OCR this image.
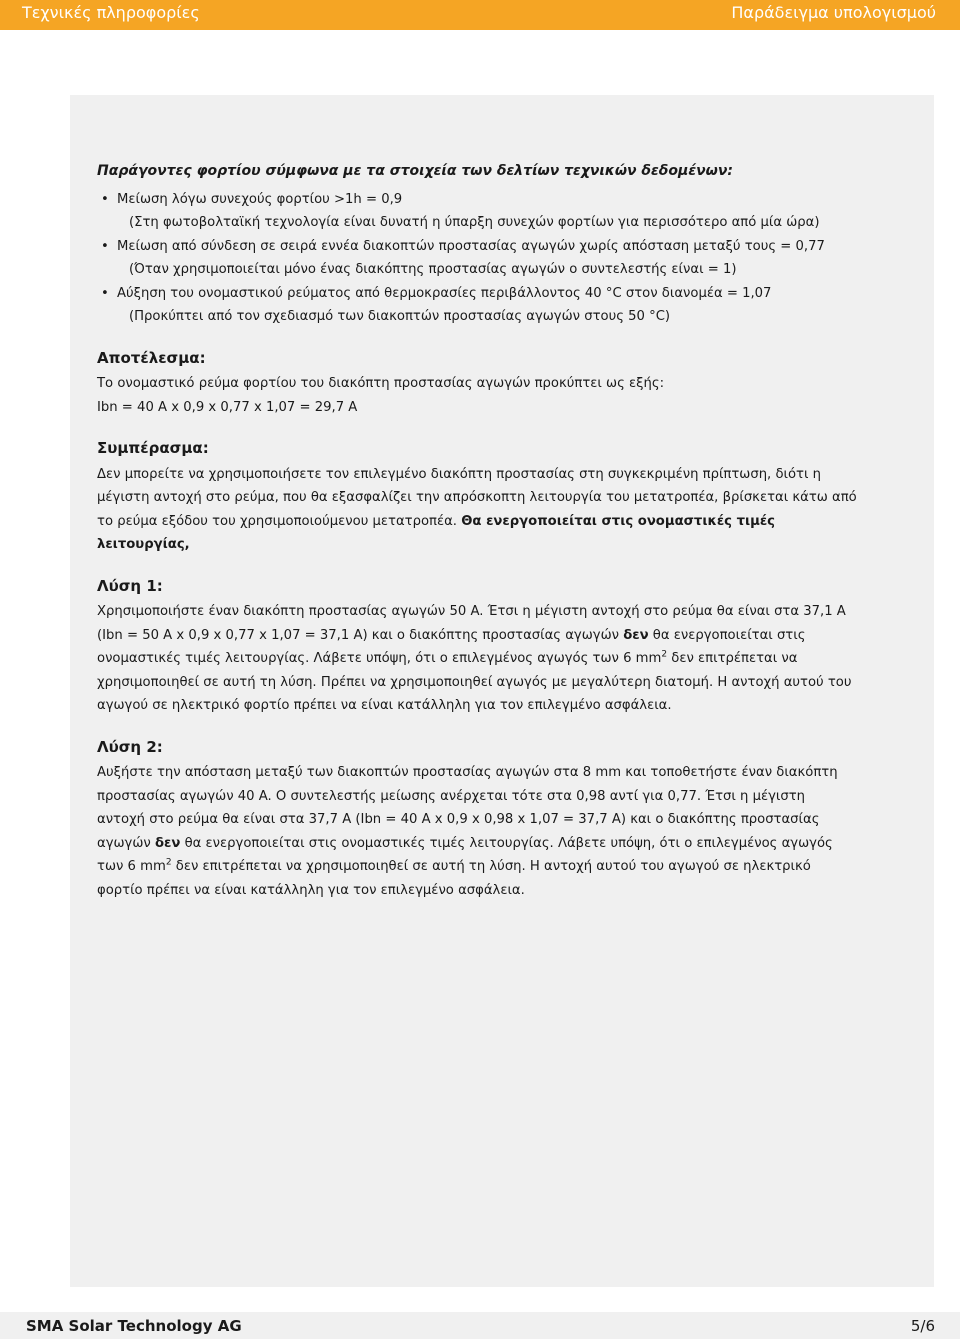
Τεχνικές πληροφορίες	Παράδειγμα υπολογισμού
Παράγοντες φορτίου σύμφωνα με τα στοιχεία των δελτίων τεχνικών δεδομένων:
• Μείωση λόγω συνεχούς φορτίου >1h = 0,9
(Στη φωτοβολταϊκή τεχνολογία είναι δυνατή η ύπαρξη συνεχών φορτίων για περισσότερο από μία ώρα)
• Μείωση από σύνδεση σε σειρά εννέα διακοπτών προστασίας αγωγών χωρίς απόσταση μεταξύ τους = 0,77
(Όταν χρησιμοποιείται μόνο ένας διακόπτης προστασίας αγωγών ο συντελεστής είναι = 1)
• Αύξηση του ονομαστικού ρεύματος από θερμοκρασίες περιβάλλοντος 40 °C στον διανομέα = 1,07
(Προκύπτει από τον σχεδιασμό των διακοπτών προστασίας αγωγών στους 50 °C)
Αποτέλεσμα:

Το ονομαστικό ρεύμα φορτίου του διακόπτη προστασίας αγωγών προκύπτει ως εξής:

Ibn = 40 A x 0,9 x 0,77 x 1,07 = 29,7 A

Συμπέρασμα:

Δεν μπορείτε να χρησιμοποιήσετε τον επιλεγμένο διακόπτη προστασίας στη συγκεκριμένη πρίπτωση, διότι η μέγιστη αντοχή στο ρεύμα, που θα εξασφαλίζει την απρόσκοπτη λειτουργία του μετατροπέα, βρίσκεται κάτω από το ρεύμα εξόδου του χρησιμοποιούμενου μετατροπέα. Θα ενεργοποιείται στις ονομαστικές τιμές λειτουργίας,

Λύση 1:

Χρησιμοποιήστε έναν διακόπτη προστασίας αγωγών 50 A. Έτσι η μέγιστη αντοχή στο ρεύμα θα είναι στα 37,1 A (Ibn = 50 A x 0,9 x 0,77 x 1,07 = 37,1 A) και ο διακόπτης προστασίας αγωγών δεν θα ενεργοποιείται στις ονομαστικές τιμές λειτουργίας. Λάβετε υπόψη, ότι ο επιλεγμένος αγωγός των 6 $mm^2$ δεν επιτρέπεται να χρησιμοποιηθεί σε αυτή τη λύση. Πρέπει να χρησιμοποιηθεί αγωγός με μεγαλύτερη διατομή. Η αντοχή αυτού του αγωγού σε ηλεκτρικό φορτίο πρέπει να είναι κατάλληλη για τον επιλεγμένο ασφάλεια.

Λύση 2:

Αυξήστε την απόσταση μεταξύ των διακοπτών προστασίας αγωγών στα 8 mm και τοποθετήστε έναν διακόπτη προστασίας αγωγών 40 A. Ο συντελεστής μείωσης ανέρχεται τότε στα 0,98 αντί για 0,77. Έτσι η μέγιστη αντοχή στο ρεύμα θα είναι στα 37,7 A (Ibn = 40 A x 0,9 x 0,98 x 1,07 = 37,7 A) και ο διακόπτης προστασίας αγωγών δεν θα ενεργοποιείται στις ονομαστικές τιμές λειτουργίας. Λάβετε υπόψη, ότι ο επιλεγμένος αγωγός των 6 $mm^2$ δεν επιτρέπεται να χρησιμοποιηθεί σε αυτή τη λύση. Η αντοχή αυτού του αγωγού σε ηλεκτρικό φορτίο πρέπει να είναι κατάλληλη για τον επιλεγμένο ασφάλεια.

SMA Solar Technology AG	5/6
